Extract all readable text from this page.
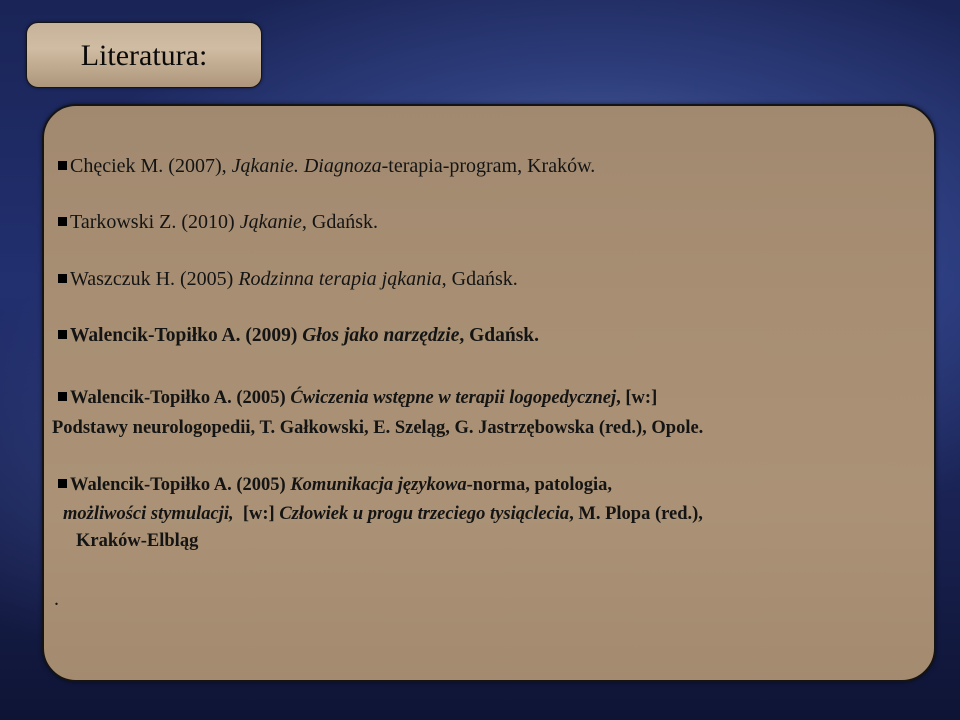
Literatura:
Chęciek M. (2007), Jąkanie. Diagnoza-terapia-program, Kraków.
Tarkowski Z. (2010) Jąkanie, Gdańsk.
Waszczuk H. (2005) Rodzinna terapia jąkania, Gdańsk.
Walencik-Topiłko A. (2009) Głos jako narzędzie, Gdańsk.
Walencik-Topiłko A. (2005) Ćwiczenia wstępne w terapii logopedycznej, [w:]
Podstawy neurologopedii, T. Gałkowski, E. Szeląg, G. Jastrzębowska (red.), Opole.
Walencik-Topiłko A. (2005) Komunikacja językowa-norma, patologia,
możliwości stymulacji,  [w:] Człowiek u progu trzeciego tysiąclecia, M. Plopa (red.),
Kraków-Elbląg
.
